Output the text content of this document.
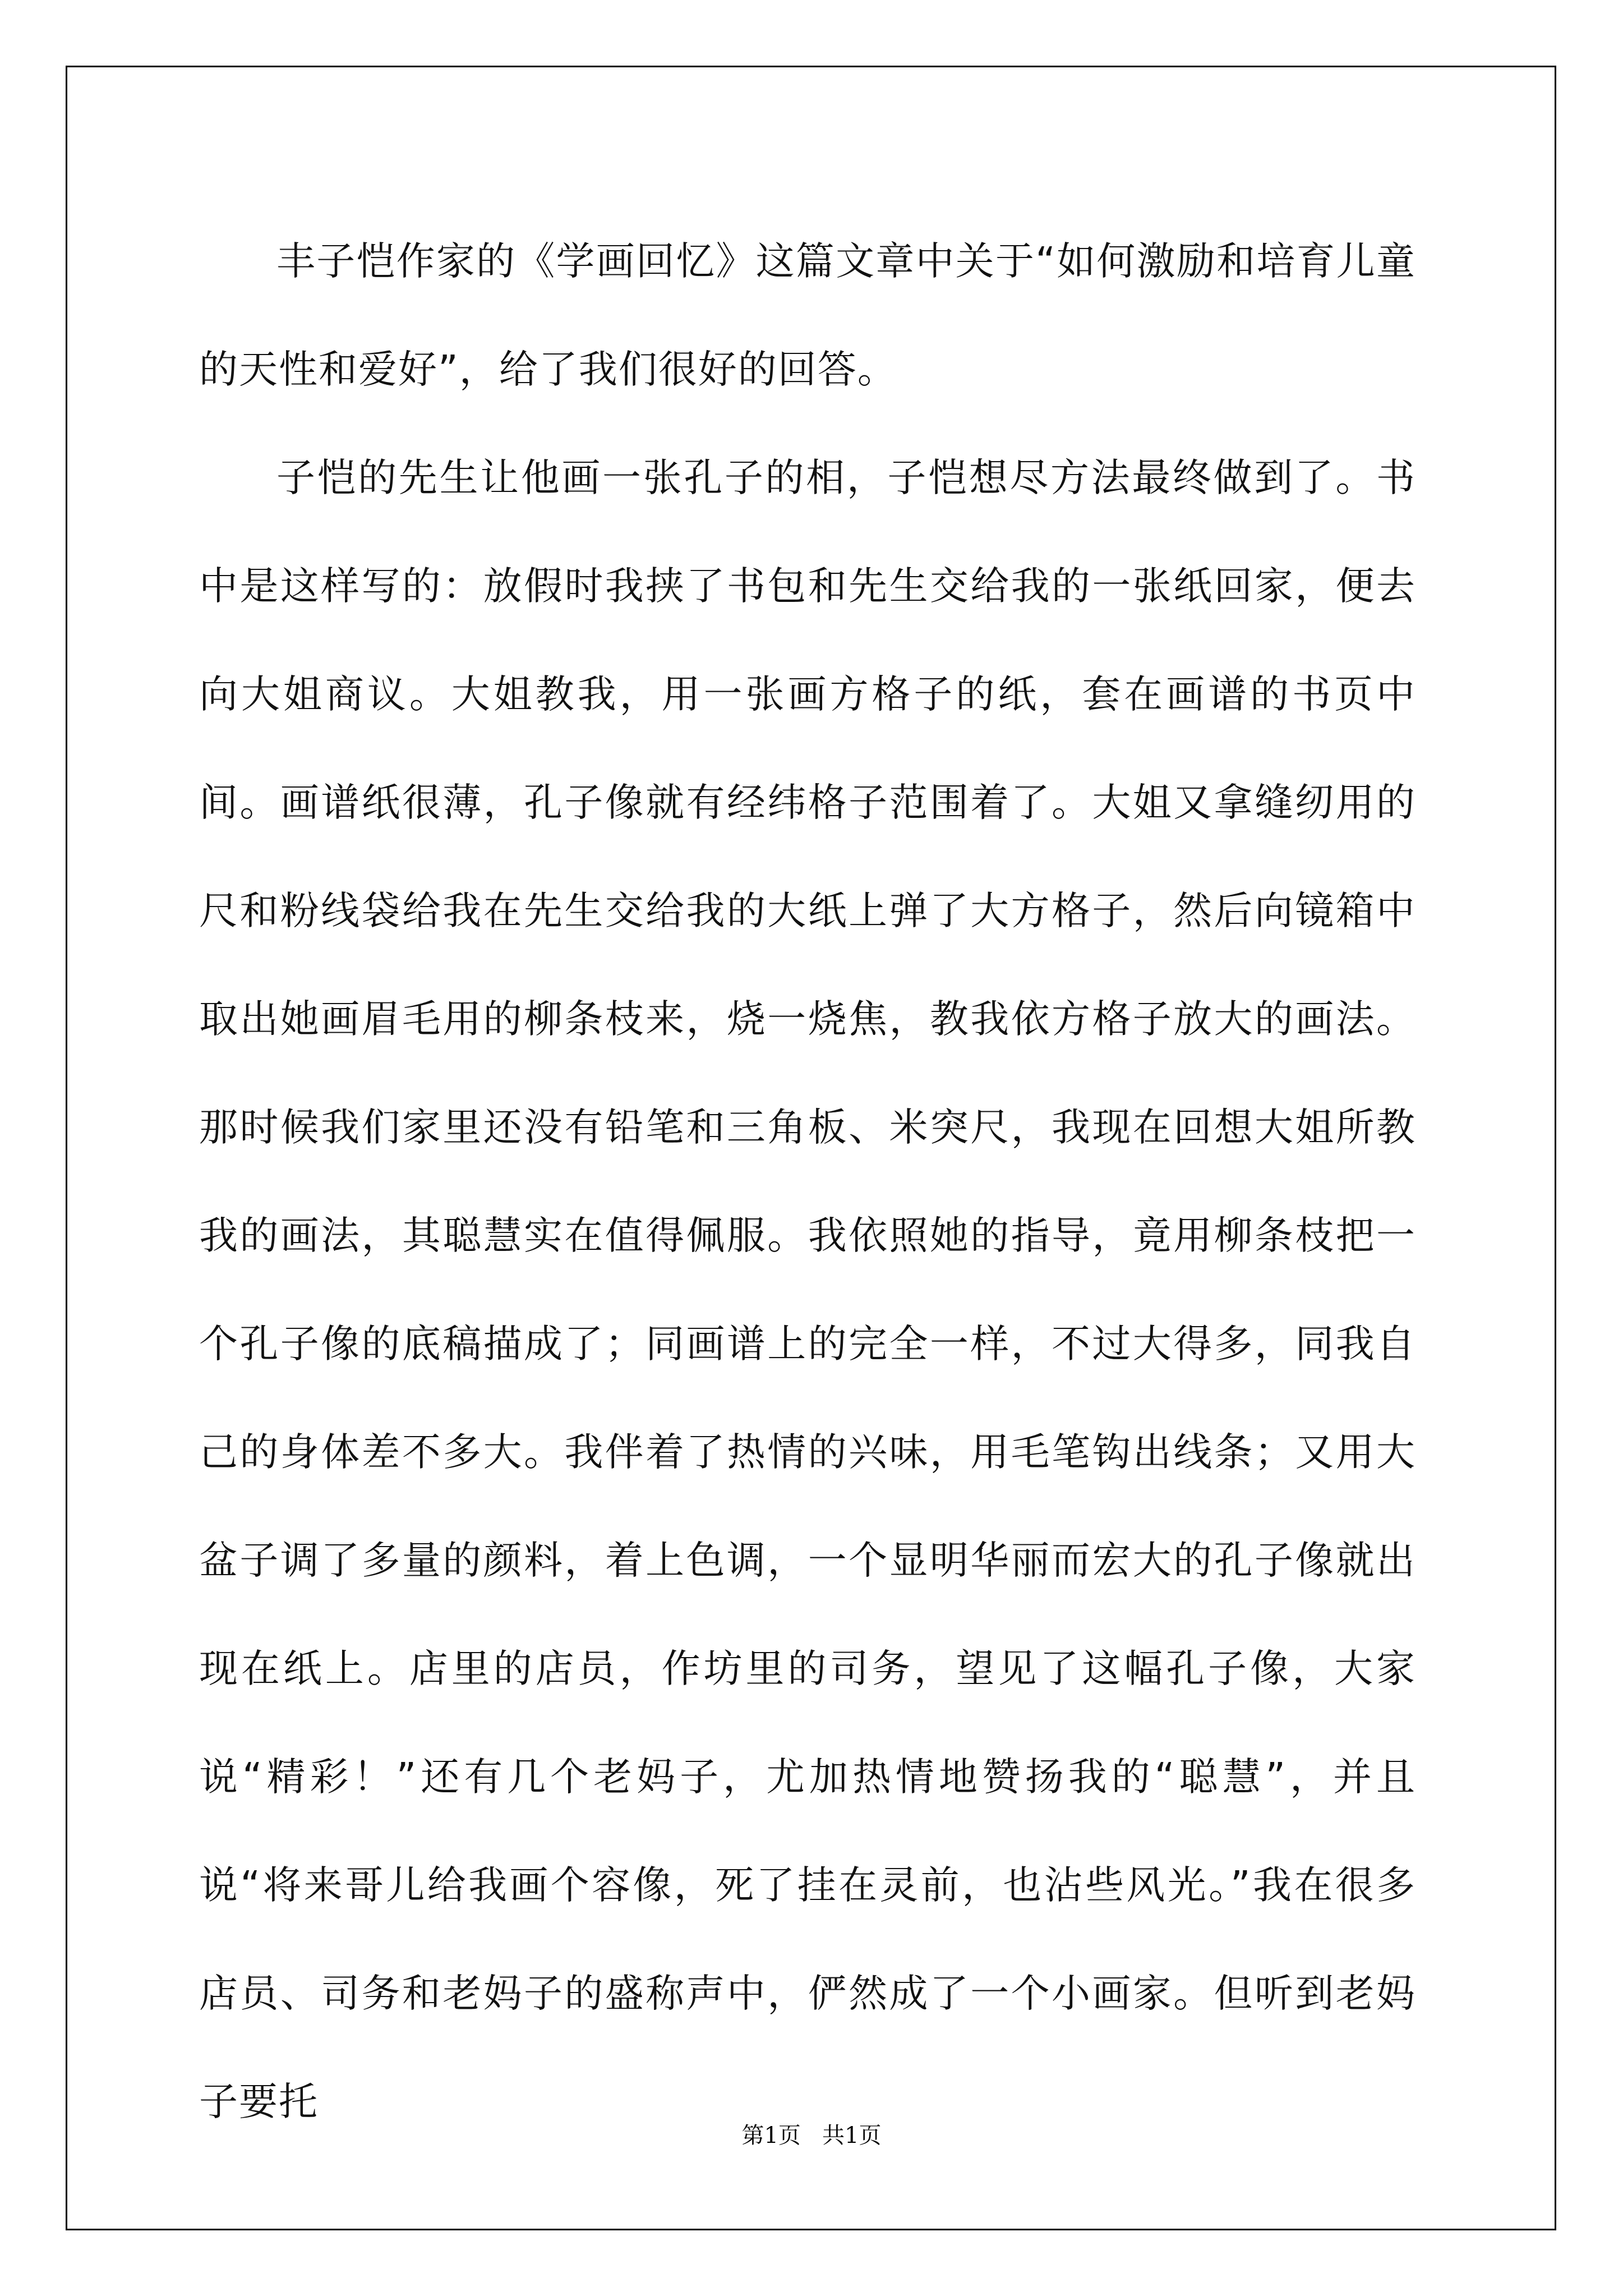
丰子恺作家的《学画回忆》这篇文章中关于“如何激励和培育儿童的天性和爱好”，给了我们很好的回答。

子恺的先生让他画一张孔子的相，子恺想尽方法最终做到了。书中是这样写的：放假时我挟了书包和先生交给我的一张纸回家，便去向大姐商议。大姐教我，用一张画方格子的纸，套在画谱的书页中间。画谱纸很薄，孔子像就有经纬格子范围着了。大姐又拿缝纫用的尺和粉线袋给我在先生交给我的大纸上弹了大方格子，然后向镜箱中取出她画眉毛用的柳条枝来，烧一烧焦，教我依方格子放大的画法。那时候我们家里还没有铅笔和三角板、米突尺，我现在回想大姐所教我的画法，其聪慧实在值得佩服。我依照她的指导，竟用柳条枝把一个孔子像的底稿描成了；同画谱上的完全一样，不过大得多，同我自己的身体差不多大。我伴着了热情的兴味，用毛笔钩出线条；又用大盆子调了多量的颜料，着上色调，一个显明华丽而宏大的孔子像就出现在纸上。店里的店员，作坊里的司务，望见了这幅孔子像，大家说“精彩！”还有几个老妈子，尤加热情地赞扬我的“聪慧”，并且说“将来哥儿给我画个容像，死了挂在灵前，也沾些风光。”我在很多店员、司务和老妈子的盛称声中，俨然成了一个小画家。但听到老妈子要托

第1页   共1页
